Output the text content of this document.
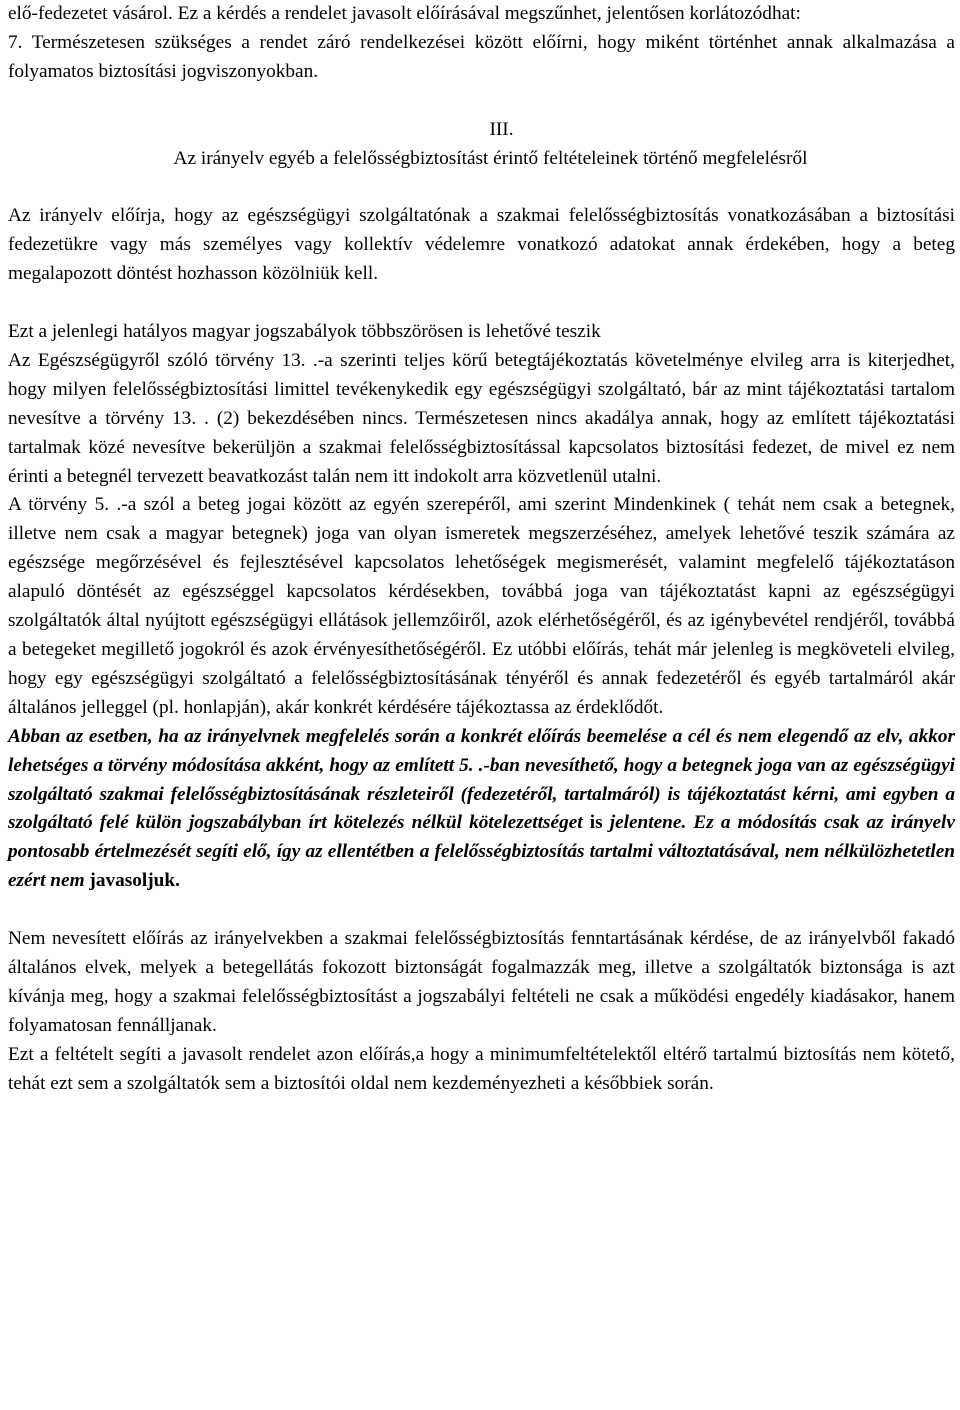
elő-fedezetet vásárol. Ez a kérdés a rendelet javasolt előírásával megszűnhet, jelentősen korlátozódhat:

7. Természetesen szükséges a rendet záró rendelkezései között előírni, hogy miként történhet annak alkalmazása a folyamatos biztosítási jogviszonyokban.

III.

Az irányelv egyéb a felelősségbiztosítást érintő feltételeinek történő megfelelésről

Az irányelv előírja, hogy az egészségügyi szolgáltatónak a szakmai felelősségbiztosítás vonatkozásában a biztosítási fedezetükre vagy más személyes vagy kollektív védelemre vonatkozó adatokat annak érdekében, hogy a beteg megalapozott döntést hozhasson közölniük kell.

Ezt a jelenlegi hatályos magyar jogszabályok többszörösen is lehetővé teszik

Az Egészségügyről szóló törvény 13. .-a szerinti teljes körű betegtájékoztatás követelménye elvileg arra is kiterjedhet, hogy milyen felelősségbiztosítási limittel tevékenykedik egy egészségügyi szolgáltató, bár az mint tájékoztatási tartalom nevesítve a törvény 13. . (2) bekezdésében nincs. Természetesen nincs akadálya annak, hogy az említett tájékoztatási tartalmak közé nevesítve bekerüljön a szakmai felelősségbiztosítással kapcsolatos biztosítási fedezet, de mivel ez nem érinti a betegnél tervezett beavatkozást talán nem itt indokolt arra közvetlenül utalni.

A törvény 5. .-a szól a beteg jogai között az egyén szerepéről, ami szerint Mindenkinek ( tehát nem csak a betegnek, illetve nem csak a magyar betegnek) joga van olyan ismeretek megszerzéséhez, amelyek lehetővé teszik számára az egészsége megőrzésével és fejlesztésével kapcsolatos lehetőségek megismerését, valamint megfelelő tájékoztatáson alapuló döntését az egészséggel kapcsolatos kérdésekben, továbbá joga van tájékoztatást kapni az egészségügyi szolgáltatók által nyújtott egészségügyi ellátások jellemzőiről, azok elérhetőségéről, és az igénybevétel rendjéről, továbbá a betegeket megillető jogokról és azok érvényesíthetőségéről. Ez utóbbi előírás, tehát már jelenleg is megköveteli elvileg, hogy egy egészségügyi szolgáltató a felelősségbiztosításának tényéről és annak fedezetéről és egyéb tartalmáról akár általános jelleggel (pl. honlapján), akár konkrét kérdésére tájékoztassa az érdeklődőt.

Abban az esetben, ha az irányelvnek megfelelés során a konkrét előírás beemelése a cél és nem elegendő az elv, akkor lehetséges a törvény módosítása akként, hogy az említett 5. .-ban nevesíthető, hogy a betegnek joga van az egészségügyi szolgáltató szakmai felelősségbiztosításának részleteiről (fedezetéről, tartalmáról) is tájékoztatást kérni, ami egyben a szolgáltató felé külön jogszabályban írt kötelezés nélkül kötelezettséget is jelentene. Ez a módosítás csak az irányelv pontosabb értelmezését segíti elő, így az ellentétben a felelősségbiztosítás tartalmi változtatásával, nem nélkülözhetetlen ezért nem javasoljuk.

Nem nevesített előírás az irányelvekben a szakmai felelősségbiztosítás fenntartásának kérdése, de az irányelvből fakadó általános elvek, melyek a betegellátás fokozott biztonságát fogalmazzák meg, illetve a szolgáltatók biztonsága is azt kívánja meg, hogy a szakmai felelősségbiztosítást a jogszabályi feltételi ne csak a működési engedély kiadásakor, hanem folyamatosan fennálljanak.

Ezt a feltételt segíti a javasolt rendelet azon előírás,a hogy a minimumfeltételektől eltérő tartalmú biztosítás nem kötető, tehát ezt sem a szolgáltatók sem a biztosítói oldal nem kezdeményezheti a későbbiek során.
